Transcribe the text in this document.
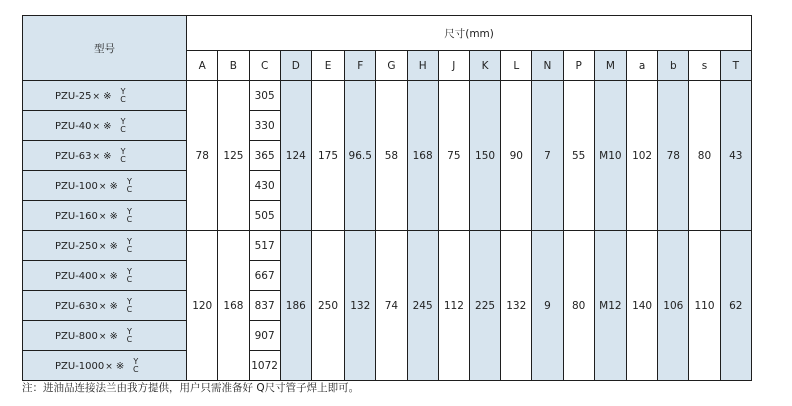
型号	尺寸(mm)																	
	A	B	C	D	E	F	G	H	J	K	L	N	P	M	a	b	s	T
PZU-25× ※ Y
C	78	125	305	124	175	96.5	58	168	75	150	90	7	55	M10	102	78	80	43
PZU-40× ※ Y
C			330															
PZU-63× ※ Y
C			365															
PZU-100× ※ Y
C			430															
PZU-160× ※ Y
C			505															
PZU-250× ※ Y
C	120	168	517	186	250	132	74	245	112	225	132	9	80	M12	140	106	110	62
PZU-400× ※ Y
C			667															
PZU-630× ※ Y
C			837															
PZU-800× ※ Y
C			907															
PZU-1000× ※ Y
C			1072															
注：进油品连接法兰由我方提供，用户只需准备好 Q尺寸管子焊上即可。
